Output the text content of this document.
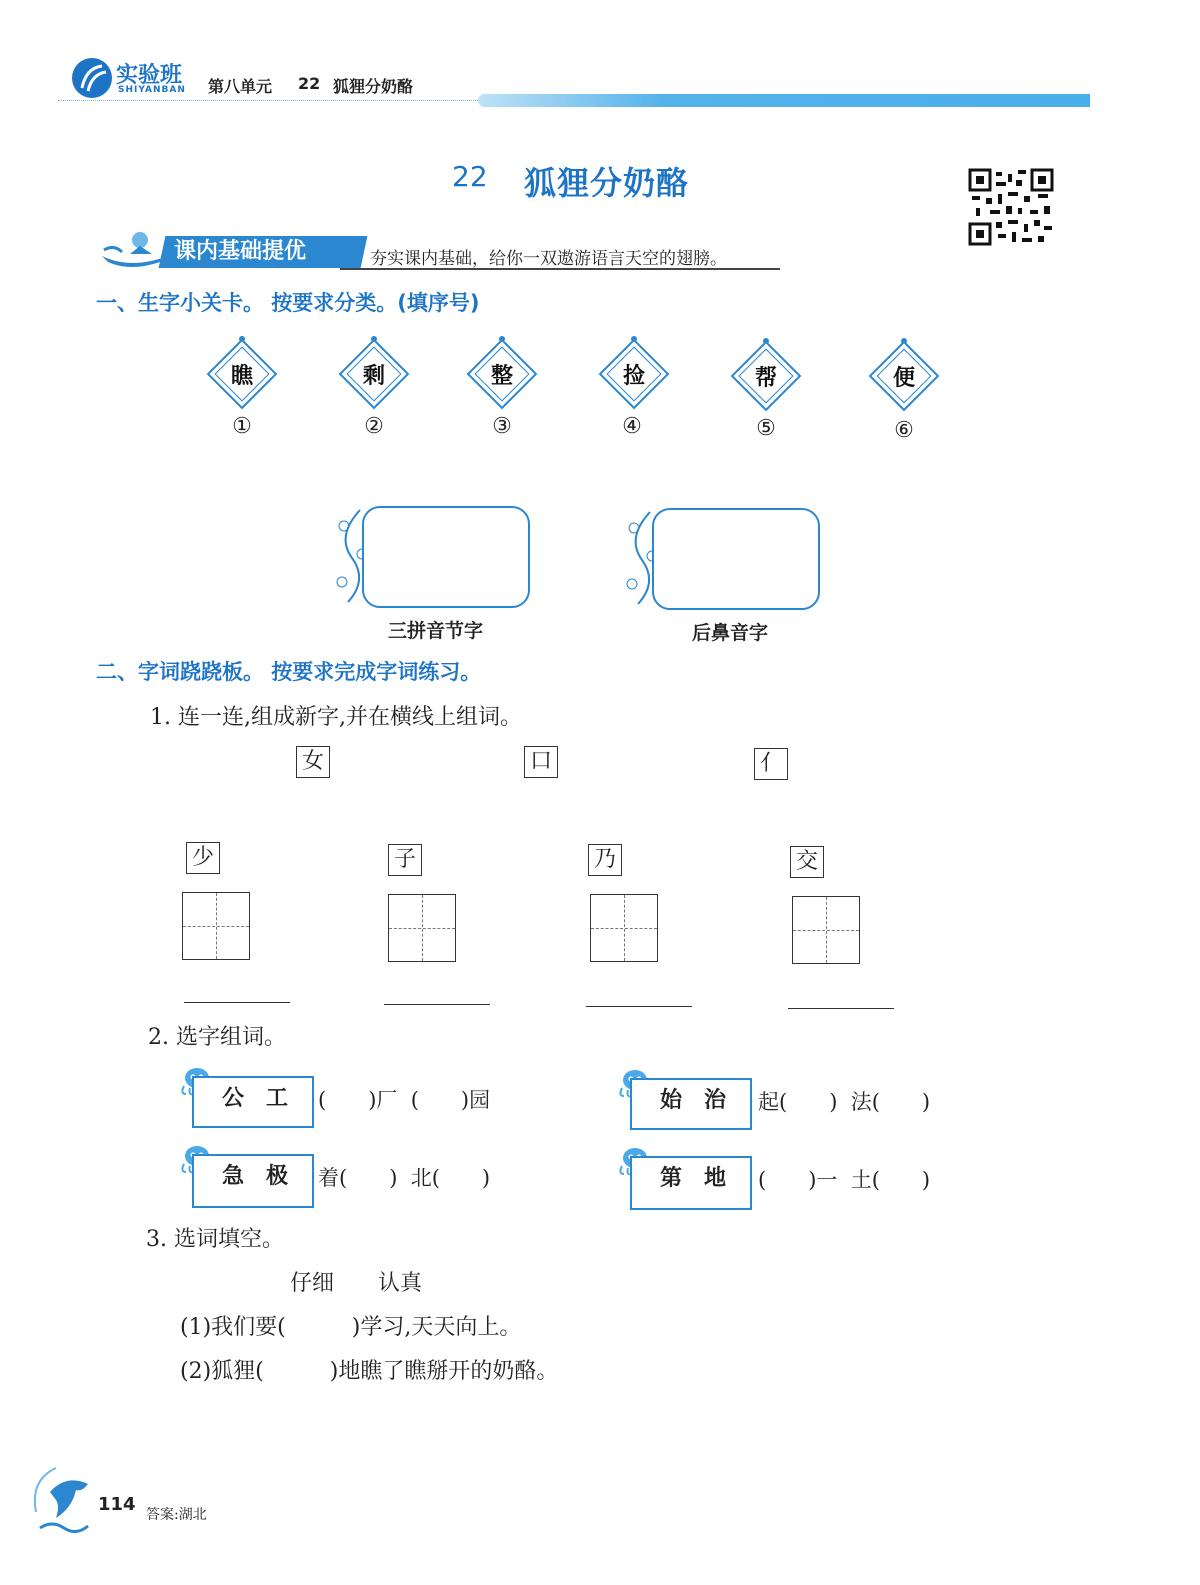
实验班
SHIYANBAN 第八单元 22 狐狸分奶酪
22 狐狸分奶酪
课内基础提优	夯实课内基础，给你一双遨游语言天空的翅膀。
一、生字小关卡。 按要求分类。(填序号)
瞧
①
剩
②
整
③
捡
④
帮
⑤
便
⑥
三拼音节字	后鼻音字
二、字词跷跷板。 按要求完成字词练习。
1. 连一连,组成新字,并在横线上组词。
女	口	亻
少	子	乃	交
2. 选字组词。
公　工	(　　)厂  (　　)园	始　治	起(　　)  法(　　)
急　极	着(　　)  北(　　)	第　地	(　　)一  土(　　)
3. 选词填空。
仔细　　认真
(1)我们要(　　　)学习,天天向上。
(2)狐狸(　　　)地瞧了瞧掰开的奶酪。
114 答案:湖北
